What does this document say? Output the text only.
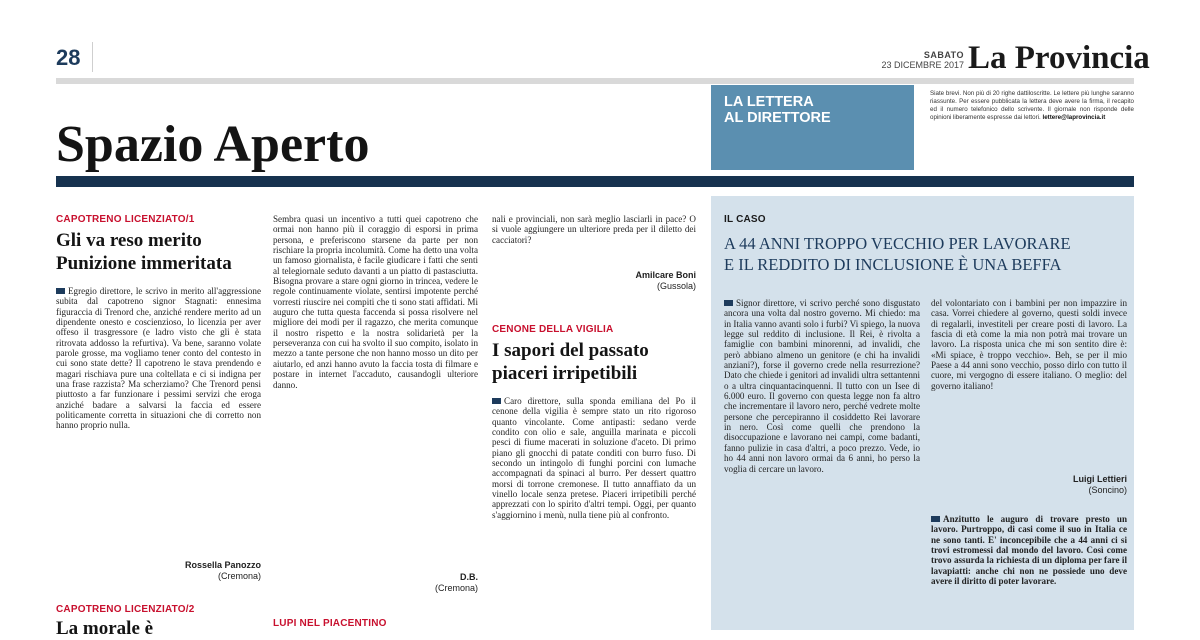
28	SABATO
23 DICEMBRE 2017 La Provincia
Spazio Aperto
LA LETTERA
AL DIRETTORE
Siate brevi. Non più di 20 righe dattiloscritte. Le lettere più lunghe saranno riassunte. Per essere pubblicata la lettera deve avere la firma, il recapito ed il numero telefonico dello scrivente. Il giornale non risponde delle opinioni liberamente espresse dai lettori. lettere@laprovincia.it
CAPOTRENO LICENZIATO/1
Gli va reso merito
Punizione immeritata

Egregio direttore, le scrivo in merito all'aggressione subita dal capotreno signor Stagnati: ennesima figuraccia di Trenord che, anziché rendere merito ad un dipendente onesto e coscienzioso, lo licenzia per aver offeso il trasgressore (e ladro visto che gli è stata ritrovata addosso la refurtiva). Va bene, saranno volate parole grosse, ma vogliamo tener conto del contesto in cui sono state dette? Il capotreno le stava prendendo e magari rischiava pure una coltellata e ci si indigna per una frase razzista? Ma scherziamo? Che Trenord pensi piuttosto a far funzionare i pessimi servizi che eroga anziché badare a salvarsi la faccia ed essere politicamente corretta in situazioni che di corretto non hanno proprio nulla.

Rossella Panozzo
(Cremona)
CAPOTRENO LICENZIATO/2
La morale è

Sembra quasi un incentivo a tutti quei capotreno che ormai non hanno più il coraggio di esporsi in prima persona, e preferiscono starsene da parte per non rischiare la propria incolumità. Come ha detto una volta un famoso giornalista, è facile giudicare i fatti che senti al telegiornale seduto davanti a un piatto di pastasciutta. Bisogna provare a stare ogni giorno in trincea, vedere le regole continuamente violate, sentirsi impotente perché vorresti riuscire nei compiti che ti sono stati affidati. Mi auguro che tutta questa faccenda si possa risolvere nel migliore dei modi per il ragazzo, che merita comunque il nostro rispetto e la nostra solidarietà per la perseveranza con cui ha svolto il suo compito, isolato in mezzo a tante persone che non hanno mosso un dito per aiutarlo, ed anzi hanno avuto la faccia tosta di filmare e postare in internet l'accaduto, causandogli ulteriore danno.

D.B.
(Cremona)
LUPI NEL PIACENTINO

nali e provinciali, non sarà meglio lasciarli in pace? O si vuole aggiungere un ulteriore preda per il diletto dei cacciatori?

Amilcare Boni
(Gussola)
CENONE DELLA VIGILIA
I sapori del passato
piaceri irripetibili

Caro direttore, sulla sponda emiliana del Po il cenone della vigilia è sempre stato un rito rigoroso quanto vincolante. Come antipasti: sedano verde condito con olio e sale, anguilla marinata e piccoli pesci di fiume macerati in soluzione d'aceto. Di primo piano gli gnocchi di patate conditi con burro fuso. Di secondo un intingolo di funghi porcini con lumache accompagnati da spinaci al burro. Per dessert quattro morsi di torrone cremonese. Il tutto annaffiato da un vinello locale senza pretese. Piaceri irripetibili perché apprezzati con lo spirito d'altri tempi. Oggi, per quanto s'aggiornino i menù, nulla tiene più al confronto.

IL CASO
A 44 ANNI TROPPO VECCHIO PER LAVORARE
E IL REDDITO DI INCLUSIONE È UNA BEFFA

Signor direttore, vi scrivo perché sono disgustato ancora una volta dal nostro governo. Mi chiedo: ma in Italia vanno avanti solo i furbi? Vi spiego, la nuova legge sul reddito di inclusione. Il Rei, è rivolta a famiglie con bambini minorenni, ad invalidi, che però abbiano almeno un genitore (e chi ha invalidi anziani?), forse il governo crede nella resurrezione? Dato che chiede i genitori ad invalidi ultra settantenni o a ultra cinquantacinquenni. Il tutto con un Isee di 6.000 euro. Il governo con questa legge non fa altro che incrementare il lavoro nero, perché vedrete molte persone che percepiranno il cosiddetto Rei lavorare in nero. Così come quelli che prendono la disoccupazione e lavorano nei campi, come badanti, fanno pulizie in casa d'altri, a poco prezzo. Vede, io ho 44 anni non lavoro ormai da 6 anni, ho perso la voglia di cercare un lavoro.

del volontariato con i bambini per non impazzire in casa. Vorrei chiedere al governo, questi soldi invece di regalarli, investiteli per creare posti di lavoro. La fascia di età come la mia non potrà mai trovare un lavoro. La risposta unica che mi son sentito dire è: «Mi spiace, è troppo vecchio». Beh, se per il mio Paese a 44 anni sono vecchio, posso dirlo con tutto il cuore, mi vergogno di essere italiano. O meglio: del governo italiano!

Luigi Lettieri
(Soncino)

Anzitutto le auguro di trovare presto un lavoro. Purtroppo, di casi come il suo in Italia ce ne sono tanti. E' inconcepibile che a 44 anni ci si trovi estromessi dal mondo del lavoro. Così come trovo assurda la richiesta di un diploma per fare il lavapiatti: anche chi non ne possiede uno deve avere il diritto di poter lavorare.
